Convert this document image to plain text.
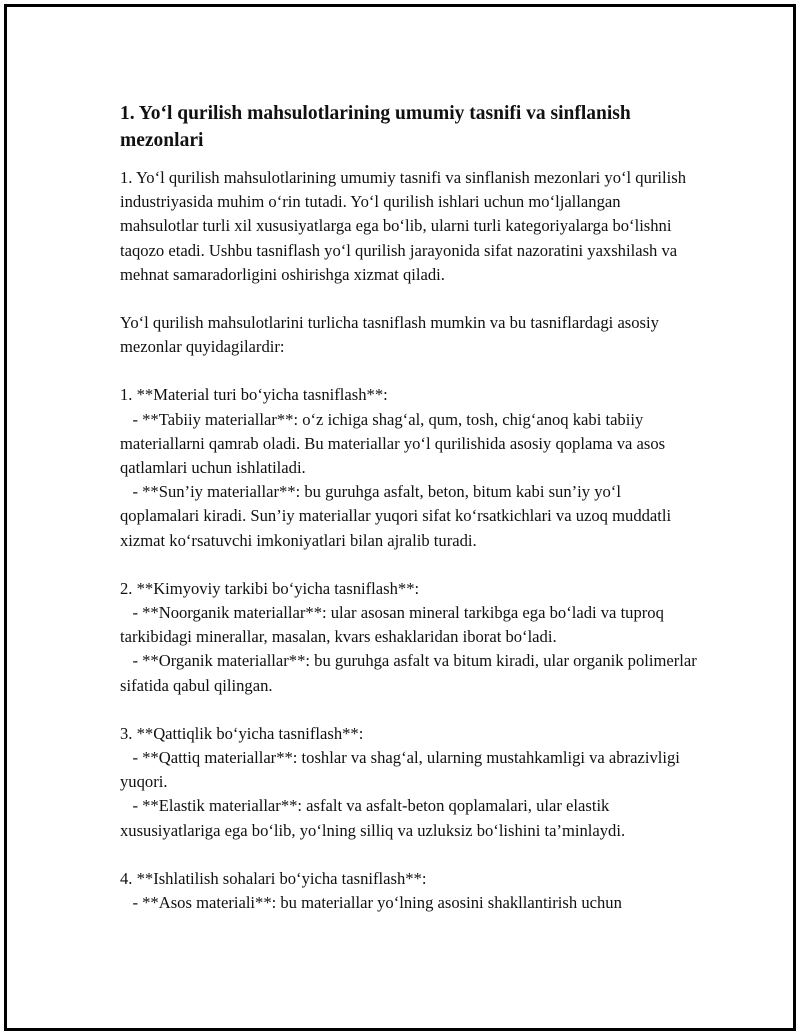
1. Yo‘l qurilish mahsulotlarining umumiy tasnifi va sinflanish mezonlari

1. Yo‘l qurilish mahsulotlarining umumiy tasnifi va sinflanish mezonlari yo‘l qurilish industriyasida muhim o‘rin tutadi. Yo‘l qurilish ishlari uchun mo‘ljallangan mahsulotlar turli xil xususiyatlarga ega bo‘lib, ularni turli kategoriyalarga bo‘lishni taqozo etadi. Ushbu tasniflash yo‘l qurilish jarayonida sifat nazoratini yaxshilash va mehnat samaradorligini oshirishga xizmat qiladi.

Yo‘l qurilish mahsulotlarini turlicha tasniflash mumkin va bu tasniflardagi asosiy mezonlar quyidagilardir:

1. **Material turi bo‘yicha tasniflash**:

- **Tabiiy materiallar**: o‘z ichiga shag‘al, qum, tosh, chig‘anoq kabi tabiiy materiallarni qamrab oladi. Bu materiallar yo‘l qurilishida asosiy qoplama va asos qatlamlari uchun ishlatiladi.

- **Sun’iy materiallar**: bu guruhga asfalt, beton, bitum kabi sun’iy yo‘l qoplamalari kiradi. Sun’iy materiallar yuqori sifat ko‘rsatkichlari va uzoq muddatli xizmat ko‘rsatuvchi imkoniyatlari bilan ajralib turadi.

2. **Kimyoviy tarkibi bo‘yicha tasniflash**:

- **Noorganik materiallar**: ular asosan mineral tarkibga ega bo‘ladi va tuproq tarkibidagi minerallar, masalan, kvars eshaklaridan iborat bo‘ladi.

- **Organik materiallar**: bu guruhga asfalt va bitum kiradi, ular organik polimerlar sifatida qabul qilingan.

3. **Qattiqlik bo‘yicha tasniflash**:

- **Qattiq materiallar**: toshlar va shag‘al, ularning mustahkamligi va abrazivligi yuqori.

- **Elastik materiallar**: asfalt va asfalt-beton qoplamalari, ular elastik xususiyatlariga ega bo‘lib, yo‘lning silliq va uzluksiz bo‘lishini ta’minlaydi.

4. **Ishlatilish sohalari bo‘yicha tasniflash**:

- **Asos materiali**: bu materiallar yo‘lning asosini shakllantirish uchun
